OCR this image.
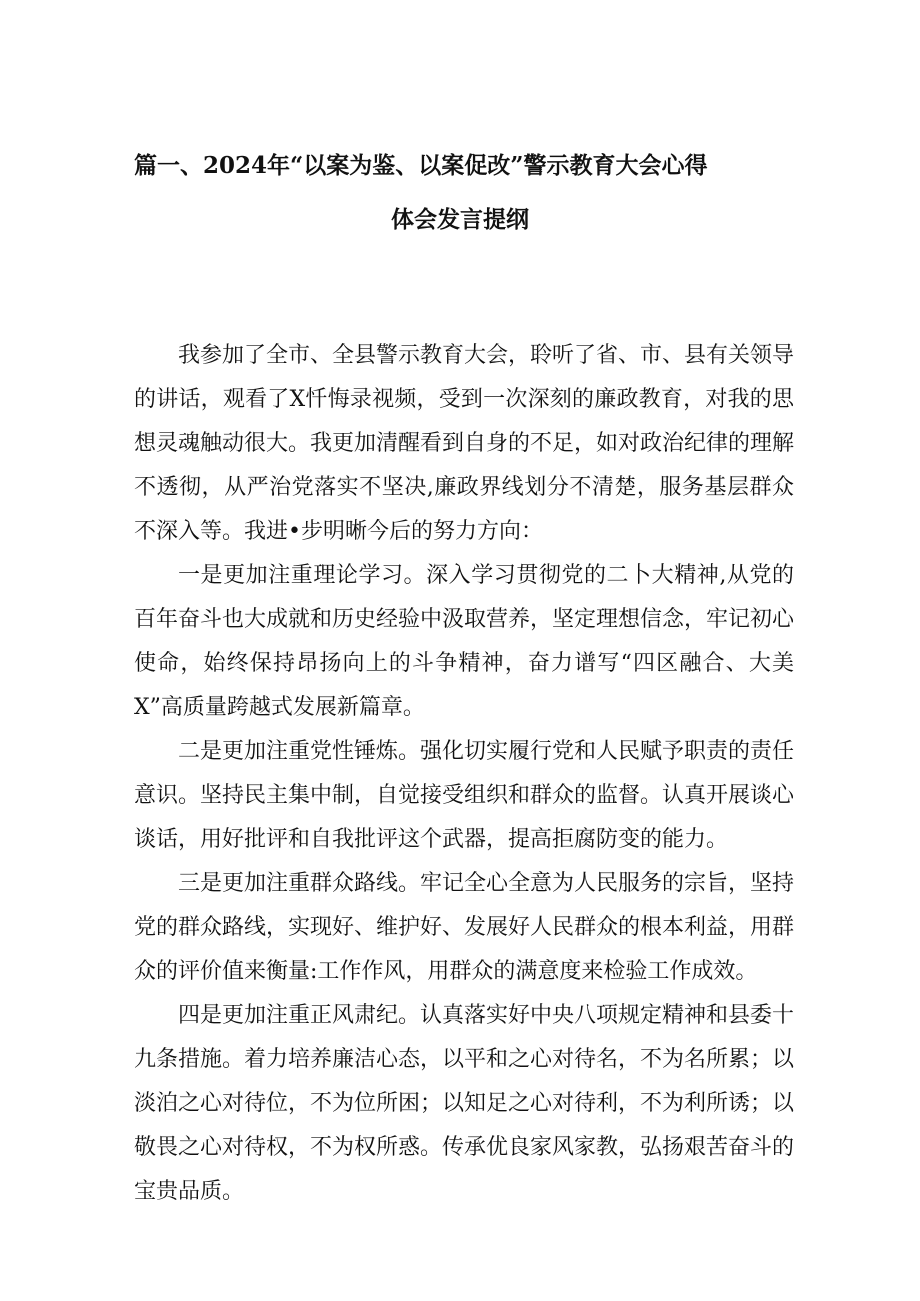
篇一、2024年“以案为鉴、以案促改”警示教育大会心得
体会发言提纲

我参加了全市、全县警示教育大会，聆听了省、市、县有关领导的讲话，观看了X忏悔录视频，受到一次深刻的廉政教育，对我的思想灵魂触动很大。我更加清醒看到自身的不足，如对政治纪律的理解不透彻，从严治党落实不坚决,廉政界线划分不清楚，服务基层群众不深入等。我进•步明晰今后的努力方向：

一是更加注重理论学习。深入学习贯彻党的二卜大精神,从党的百年奋斗也大成就和历史经验中汲取营养，坚定理想信念，牢记初心使命，始终保持昂扬向上的斗争精神，奋力谱写“四区融合、大美X”高质量跨越式发展新篇章。

二是更加注重党性锤炼。强化切实履行党和人民赋予职责的责任意识。坚持民主集中制，自觉接受组织和群众的监督。认真开展谈心谈话，用好批评和自我批评这个武器，提高拒腐防变的能力。

三是更加注重群众路线。牢记全心全意为人民服务的宗旨，坚持党的群众路线，实现好、维护好、发展好人民群众的根本利益，用群众的评价值来衡量:工作作风，用群众的满意度来检验工作成效。

四是更加注重正风肃纪。认真落实好中央八项规定精神和县委十九条措施。着力培养廉洁心态，以平和之心对待名，不为名所累；以淡泊之心对待位，不为位所困；以知足之心对待利，不为利所诱；以敬畏之心对待权，不为权所惑。传承优良家风家教，弘扬艰苦奋斗的宝贵品质。
